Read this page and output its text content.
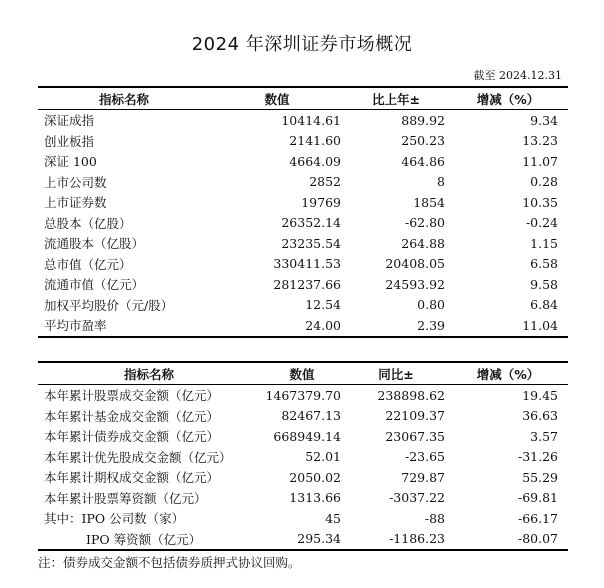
2024 年深圳证券市场概况
截至 2024.12.31
指标名称	数值	比上年±	增减（%）
深证成指	10414.61	889.92	9.34
创业板指	2141.60	250.23	13.23
深证 100	4664.09	464.86	11.07
上市公司数	2852	8	0.28
上市证券数	19769	1854	10.35
总股本（亿股）	26352.14	-62.80	-0.24
流通股本（亿股）	23235.54	264.88	1.15
总市值（亿元）	330411.53	20408.05	6.58
流通市值（亿元）	281237.66	24593.92	9.58
加权平均股价（元/股）	12.54	0.80	6.84
平均市盈率	24.00	2.39	11.04
指标名称	数值	同比±	增减（%）
本年累计股票成交金额（亿元）	1467379.70	238898.62	19.45
本年累计基金成交金额（亿元）	82467.13	22109.37	36.63
本年累计债券成交金额（亿元）	668949.14	23067.35	3.57
本年累计优先股成交金额（亿元）	52.01	-23.65	-31.26
本年累计期权成交金额（亿元）	2050.02	729.87	55.29
本年累计股票筹资额（亿元）	1313.66	-3037.22	-69.81
其中：IPO 公司数（家）	45	-88	-66.17
IPO 筹资额（亿元）	295.34	-1186.23	-80.07
注：债券成交金额不包括债券质押式协议回购。
